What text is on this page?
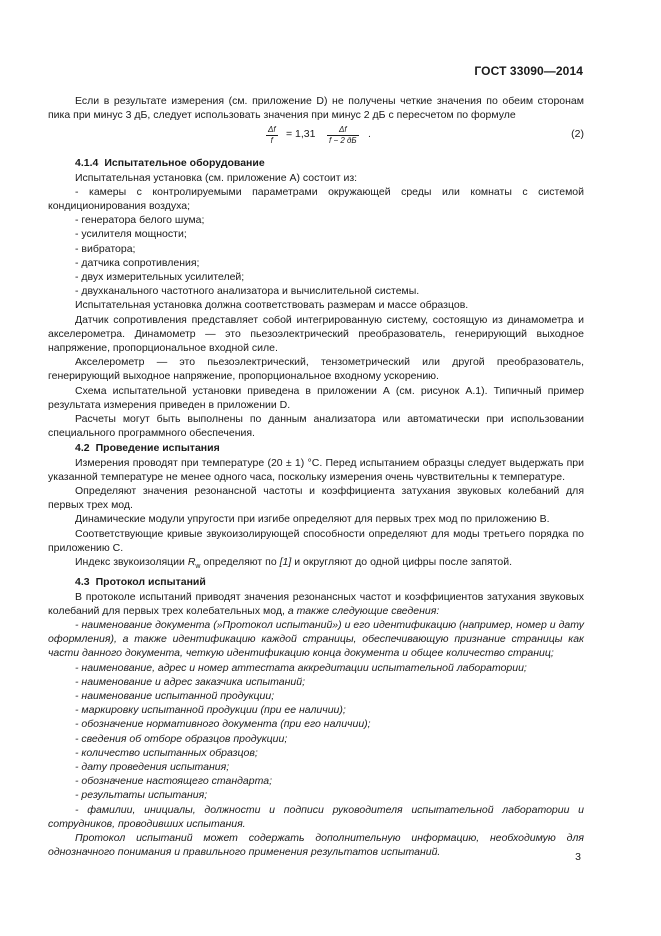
ГОСТ 33090—2014

Если в результате измерения (см. приложение D) не получены четкие значения по обеим сторонам пика при минус 3 дБ, следует использовать значения при минус 2 дБ с пересчетом по формуле

$\frac{\Delta f}{f} = 1,31$	Δf
f − 2 дБ
.	(2)
4.1.4 Испытательное оборудование

Испытательная установка (см. приложение А) состоит из:

- камеры с контролируемыми параметрами окружающей среды или комнаты с системой кондиционирования воздуха;

- генератора белого шума;

- усилителя мощности;

- вибратора;

- датчика сопротивления;

- двух измерительных усилителей;

- двухканального частотного анализатора и вычислительной системы.

Испытательная установка должна соответствовать размерам и массе образцов.

Датчик сопротивления представляет собой интегрированную систему, состоящую из динамометра и акселерометра. Динамометр — это пьезоэлектрический преобразователь, генерирующий выходное напряжение, пропорциональное входной силе.

Акселерометр — это пьезоэлектрический, тензометрический или другой преобразователь, генерирующий выходное напряжение, пропорциональное входному ускорению.

Схема испытательной установки приведена в приложении А (см. рисунок А.1). Типичный пример результата измерения приведен в приложении D.

Расчеты могут быть выполнены по данным анализатора или автоматически при использовании специального программного обеспечения.

4.2 Проведение испытания

Измерения проводят при температуре (20 ± 1) °С. Перед испытанием образцы следует выдержать при указанной температуре не менее одного часа, поскольку измерения очень чувствительны к температуре.

Определяют значения резонансной частоты и коэффициента затухания звуковых колебаний для первых трех мод.

Динамические модули упругости при изгибе определяют для первых трех мод по приложению В.

Соответствующие кривые звукоизолирующей способности определяют для моды третьего порядка по приложению С.

Индекс звукоизоляции $R_w$ определяют по [1] и округляют до одной цифры после запятой.

4.3 Протокол испытаний

В протоколе испытаний приводят значения резонансных частот и коэффициентов затухания звуковых колебаний для первых трех колебательных мод, а также следующие сведения:

- наименование документа (»Протокол испытаний») и его идентификацию (например, номер и дату оформления), а также идентификацию каждой страницы, обеспечивающую признание страницы как части данного документа, четкую идентификацию конца документа и общее количество страниц;

- наименование, адрес и номер аттестата аккредитации испытательной лаборатории;

- наименование и адрес заказчика испытаний;

- наименование испытанной продукции;

- маркировку испытанной продукции (при ее наличии);

- обозначение нормативного документа (при его наличии);

- сведения об отборе образцов продукции;

- количество испытанных образцов;

- дату проведения испытания;

- обозначение настоящего стандарта;

- результаты испытания;

- фамилии, инициалы, должности и подписи руководителя испытательной лаборатории и сотрудников, проводивших испытания.

Протокол испытаний может содержать дополнительную информацию, необходимую для однозначного понимания и правильного применения результатов испытаний.	3
